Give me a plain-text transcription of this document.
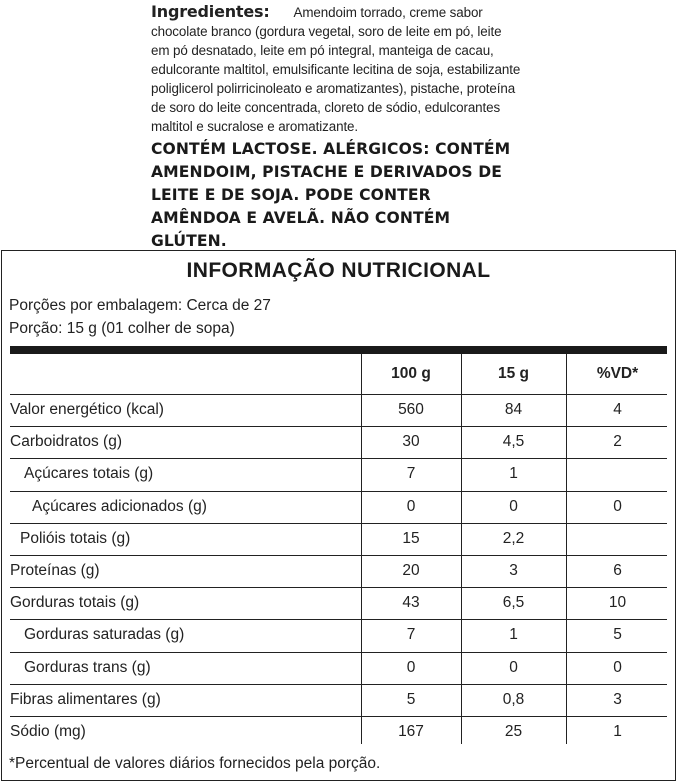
Ingredientes: Amendoim torrado, creme sabor chocolate branco (gordura vegetal, soro de leite em pó, leite em pó desnatado, leite em pó integral, manteiga de cacau, edulcorante maltitol, emulsificante lecitina de soja, estabilizante poliglicerol polirricinoleato e aromatizantes), pistache, proteína de soro do leite concentrada, cloreto de sódio, edulcorantes maltitol e sucralose e aromatizante.
CONTÉM LACTOSE. ALÉRGICOS: CONTÉM AMENDOIM, PISTACHE E DERIVADOS DE LEITE E DE SOJA. PODE CONTER AMÊNDOA E AVELÃ. NÃO CONTÉM GLÚTEN.
INFORMAÇÃO NUTRICIONAL
Porções por embalagem: Cerca de 27
Porção: 15 g (01 colher de sopa)
100 g	15 g	%VD*
Valor energético (kcal)	560	84	4
Carboidratos (g)	30	4,5	2
Açúcares totais (g)	7	1
Açúcares adicionados (g)	0	0	0
Polióis totais (g)	15	2,2
Proteínas (g)	20	3	6
Gorduras totais (g)	43	6,5	10
Gorduras saturadas (g)	7	1	5
Gorduras trans (g)	0	0	0
Fibras alimentares (g)	5	0,8	3
Sódio (mg)	167	25	1
*Percentual de valores diários fornecidos pela porção.
